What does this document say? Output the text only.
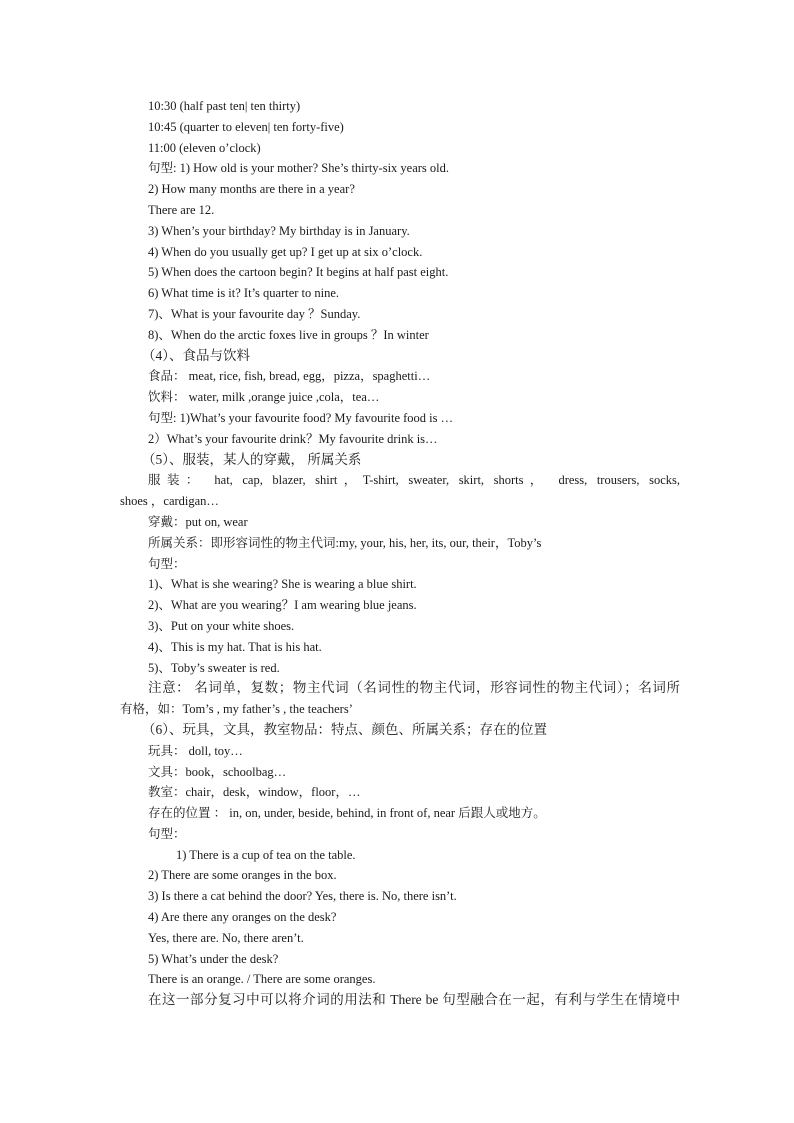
10:30 (half past ten| ten thirty)
10:45 (quarter to eleven| ten forty-five)
11:00 (eleven o’clock)
句型: 1) How old is your mother? She’s thirty-six years old.
2) How many months are there in a year?
There are 12.
3) When’s your birthday? My birthday is in January.
4) When do you usually get up? I get up at six o’clock.
5) When does the cartoon begin? It begins at half past eight.
6) What time is it? It’s quarter to nine.
7)、What is your favourite day ？Sunday.
8)、When do the arctic foxes live in groups ？In winter
（4）、食品与饮料
食品： meat, rice, fish, bread, egg，pizza，spaghetti…
饮料： water, milk ,orange juice ,cola，tea…
句型: 1)What’s your favourite food? My favourite food is …
2）What’s your favourite drink？My favourite drink is…
（5）、服装，某人的穿戴， 所属关系
服装： hat, cap, blazer, shirt，T-shirt, sweater, skirt, shorts， dress, trousers, socks,
shoes ，cardigan…
穿戴：put on, wear
所属关系：即形容词性的物主代词:my, your, his, her, its, our, their，Toby’s
句型：
1)、What is she wearing? She is wearing a blue shirt.
2)、What are you wearing？I am wearing blue jeans.
3)、Put on your white shoes.
4)、This is my hat. That is his hat.
5)、Toby’s sweater is red.
注意： 名词单，复数；物主代词（名词性的物主代词，形容词性的物主代词）；名词所
有格，如：Tom’s , my father’s , the teachers’
（6）、玩具，文具，教室物品：特点、颜色、所属关系；存在的位置
玩具： doll, toy…
文具：book，schoolbag…
教室：chair，desk，window，floor，…
存在的位置 ： in, on, under, beside, behind, in front of, near 后跟人或地方。
句型：
1) There is a cup of tea on the table.
2) There are some oranges in the box.
3) Is there a cat behind the door? Yes, there is. No, there isn’t.
4) Are there any oranges on the desk?
Yes, there are. No, there aren’t.
5) What’s under the desk?
There is an orange. / There are some oranges.
在这一部分复习中可以将介词的用法和 There be 句型融合在一起，有利与学生在情境中
